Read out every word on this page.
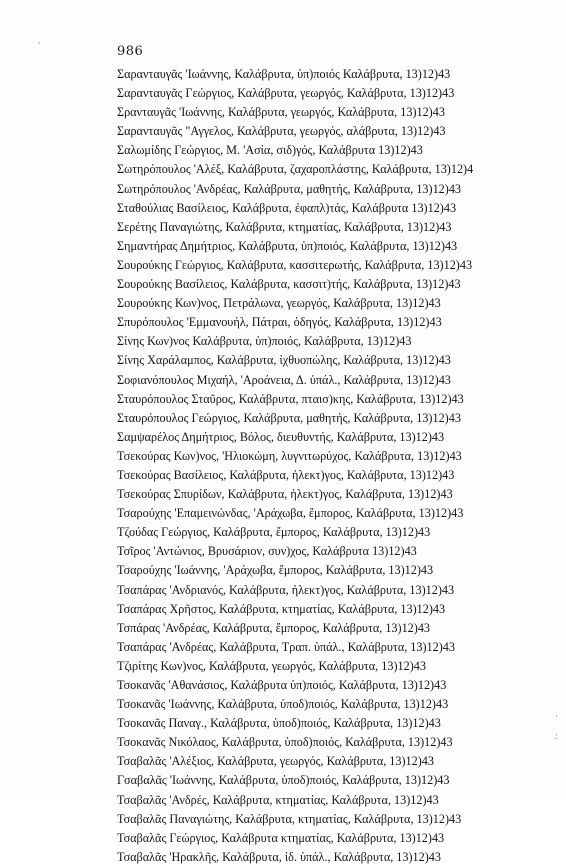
986
Σαρανταυγᾶς 'Ιωάννης, Καλάβρυτα, ὑπ)ποιός Καλάβρυτα, 13)12)43
Σαρανταυγᾶς Γεώργιος, Καλάβρυτα, γεωργός, Καλάβρυτα, 13)12)43
Σρανταυγᾶς 'Ιωάννης, Καλάβρυτα, γεωργός, Καλάβρυτα, 13)12)43
Σαρανταυγᾶς "Αγγελος, Καλάβρυτα, γεωργός, αλάβρυτα, 13)12)43
Σαλωμίδης Γεώργιος, Μ. 'Ασία, σιδ)γός, Καλάβρυτα 13)12)43
Σωτηρόπουλος 'Αλέξ, Καλάβρυτα, ζαχαροπλάστης, Καλάβρυτα, 13)12)4
Σωτηρόπουλος 'Ανδρέας, Καλάβρυτα, μαθητής, Καλάβρυτα, 13)12)43
Σταθούλιας Βασίλειος, Καλάβρυτα, ἐφαπλ)τάς, Καλάβρυτα 13)12)43
Σερέτης Παναγιώτης, Καλάβρυτα, κτηματίας, Καλάβρυτα, 13)12)43
Σημαντήρας Δημήτριος, Καλάβρυτα, ὑπ)ποιός, Καλάβρυτα, 13)12)43
Σουρούκης Γεώργιος, Καλάβρυτα, κασσιτερωτής, Καλάβρυτα, 13)12)43
Σουρούκης Βασίλειος, Καλάβρυτα, κασσιτ)τής, Καλάβρυτα, 13)12)43
Σουρούκης Κων)νος, Πετράλωνα, γεωργός, Καλάβρυτα, 13)12)43
Σπυρόπουλος 'Εμμανουήλ, Πάτραι, ὁδηγός, Καλάβρυτα, 13)12)43
Σίνης Κων)νος Καλάβρυτα, ὑπ)ποιός, Καλάβρυτα, 13)12)43
Σίνης Χαράλαμπος, Καλάβρυτα, ἰχθυοπώλης, Καλάβρυτα, 13)12)43
Σοφιανόπουλος Μιχαήλ, 'Αροάνεια, Δ. ὑπάλ., Καλάβρυτα, 13)12)43
Σταυρόπουλος Σταῦρος, Καλάβρυτα, πταισ)κης, Καλάβρυτα, 13)12)43
Σταυρόπουλος Γεώργιος, Καλάβρυτα, μαθητής, Καλάβρυτα, 13)12)43
Σαμψαρέλος Δημήτριος, Βόλος, διευθυντής, Καλάβρυτα, 13)12)43
Τσεκούρας Κων)νος, 'Ηλιοκώμη, λυγνιτωρύχος, Καλάβρυτα, 13)12)43
Τσεκούρας Βασίλειος, Καλάβρυτα, ἠλεκτ)γος, Καλάβρυτα, 13)12)43
Τσεκούρας Σπυρίδων, Καλάβρυτα, ἠλεκτ)γος, Καλάβρυτα, 13)12)43
Τσαρούχης 'Επαμεινώνδας, 'Αράχωβα, ἔμπορος, Καλάβρυτα, 13)12)43
Τζούδας Γεώργιος, Καλάβρυτα, ἔμπορος, Καλάβρυτα, 13)12)43
Τσῖρος 'Αντώνιος, Βρυσάριον, συν)χος, Καλάβρυτα 13)12)43
Τσαρούχης 'Ιωάννης, 'Αράχωβα, ἔμπορος, Καλάβρυτα, 13)12)43
Τσαπάρας 'Ανδριανός, Καλάβρυτα, ἠλεκτ)γος, Καλάβρυτα, 13)12)43
Τσαπάρας Χρῆστος, Καλάβρυτα, κτηματίας, Καλάβρυτα, 13)12)43
Τσπάρας 'Ανδρέας, Καλάβρυτα, ἔμπορος, Καλάβρυτα, 13)12)43
Τσαπάρας 'Ανδρέας, Καλάβρυτα, Τραπ. ὑπάλ., Καλάβρυτα, 13)12)43
Τζιρίτης Κων)νος, Καλάβρυτα, γεωργός, Καλάβρυτα, 13)12)43
Τσοκανᾶς 'Αθανάσιος, Καλάβρυτα ὑπ)ποιός, Καλάβρυτα, 13)12)43
Τσοκανᾶς 'Ιωάννης, Καλάβρυτα, ὑποδ)ποιός, Καλάβρυτα, 13)12)43
Τσοκανᾶς Παναγ., Καλάβρυτα, ὑποδ)ποιός, Καλάβρυτα, 13)12)43
Τσοκανᾶς Νικόλαος, Καλάβρυτα, ὑποδ)ποιός, Καλάβρυτα, 13)12)43
Τσαβαλᾶς 'Αλέξιος, Καλάβρυτα, γεωργός, Καλάβρυτα, 13)12)43
Γσαβαλᾶς 'Ιωάννης, Καλάβρυτα, ὑποδ)ποιός, Καλάβρυτα, 13)12)43
Τσαβαλᾶς 'Ανδρές, Καλάβρυτα, κτηματίας, Καλάβρυτα, 13)12)43
Τσαβαλᾶς Παναγιώτης, Καλάβρυτα, κτηματίας, Καλάβρυτα, 13)12)43
Τσαβαλᾶς Γεώργιος, Καλάβρυτα κτηματίας, Καλάβρυτα, 13)12)43
Τσαβαλᾶς 'Ηρακλῆς, Καλάβρυτα, ἰδ. ὑπάλ., Καλάβρυτα, 13)12)43
·
:
